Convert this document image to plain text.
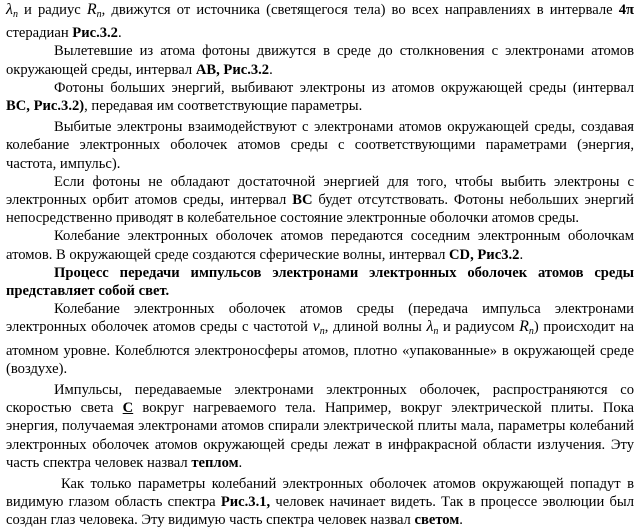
$\lambda_n$ и радиус $R_n$, движутся от источника (светящегося тела) во всех направлениях в интервале 4π стерадиан Рис.3.2.

Вылетевшие из атома фотоны движутся в среде до столкновения с электронами атомов окружающей среды, интервал АВ, Рис.3.2.

Фотоны больших энергий, выбивают электроны из атомов окружающей среды (интервал ВС, Рис.3.2), передавая им соответствующие параметры.

Выбитые электроны взаимодействуют с электронами атомов окружающей среды, создавая колебание электронных оболочек атомов среды с соответствующими параметрами (энергия, частота, импульс).

Если фотоны не обладают достаточной энергией для того, чтобы выбить электроны с электронных орбит атомов среды, интервал ВС будет отсутствовать. Фотоны небольших энергий непосредственно приводят в колебательное состояние электронные оболочки атомов среды.

Колебание электронных оболочек атомов передаются соседним электронным оболочкам атомов. В окружающей среде создаются сферические волны, интервал CD, Рис3.2.

Процесс передачи импульсов электронами электронных оболочек атомов среды представляет собой свет.

Колебание электронных оболочек атомов среды (передача импульса электронами электронных оболочек атомов среды с частотой $\nu_n$, длиной волны $\lambda_n$ и радиусом $R_n$) происходит на атомном уровне. Колеблются электроносферы атомов, плотно «упакованные» в окружающей среде (воздухе).

Импульсы, передаваемые электронами электронных оболочек, распространяются со скоростью света С вокруг нагреваемого тела. Например, вокруг электрической плиты. Пока энергия, получаемая электронами атомов спирали электрической плиты мала, параметры колебаний электронных оболочек атомов окружающей среды лежат в инфракрасной области излучения. Эту часть спектра человек назвал теплом.

Как только параметры колебаний электронных оболочек атомов окружающей попадут в видимую глазом область спектра Рис.3.1, человек начинает видеть. Так в процессе эволюции был создан глаз человека. Эту видимую часть спектра человек назвал светом.
